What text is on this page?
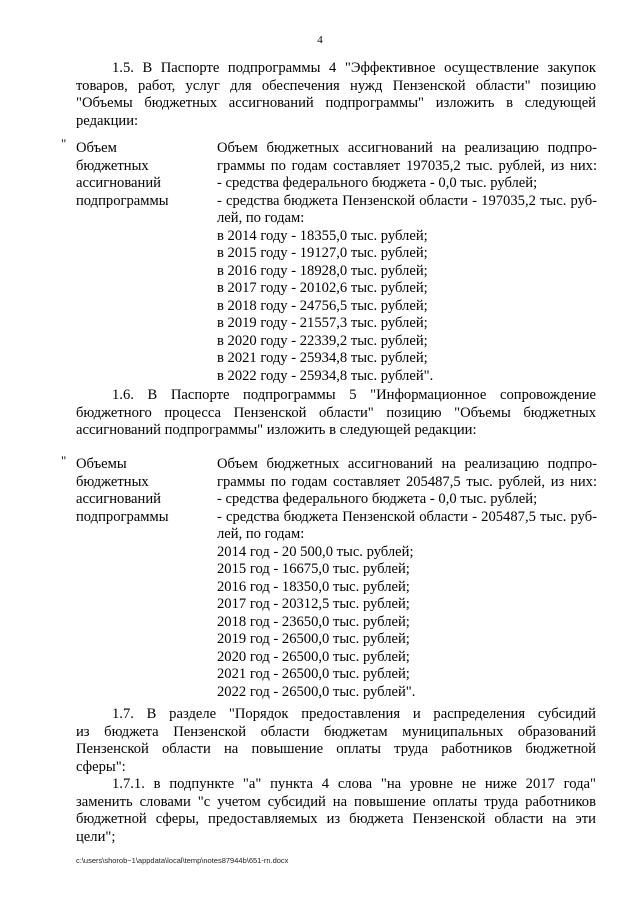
4
1.5. В Паспорте подпрограммы 4 "Эффективное осуществление закупок
товаров, работ, услуг для обеспечения нужд Пензенской области" позицию
"Объемы бюджетных ассигнований подпрограммы" изложить в следующей
редакции:
" Объем
бюджетных
ассигнований
подпрограммы
Объем бюджетных ассигнований на реализацию подпро-
граммы по годам составляет 197035,2 тыс. рублей, из них:
- средства федерального бюджета - 0,0 тыс. рублей;
- средства бюджета Пензенской области - 197035,2 тыс. руб-
лей, по годам:
в 2014 году - 18355,0 тыс. рублей;
в 2015 году - 19127,0 тыс. рублей;
в 2016 году - 18928,0 тыс. рублей;
в 2017 году - 20102,6 тыс. рублей;
в 2018 году - 24756,5 тыс. рублей;
в 2019 году - 21557,3 тыс. рублей;
в 2020 году - 22339,2 тыс. рублей;
в 2021 году - 25934,8 тыс. рублей;
в 2022 году - 25934,8 тыс. рублей".
1.6. В Паспорте подпрограммы 5 "Информационное сопровождение
бюджетного процесса Пензенской области" позицию "Объемы бюджетных
ассигнований подпрограммы" изложить в следующей редакции:
" Объемы
бюджетных
ассигнований
подпрограммы
Объем бюджетных ассигнований на реализацию подпро-
граммы по годам составляет 205487,5 тыс. рублей, из них:
- средства федерального бюджета - 0,0 тыс. рублей;
- средства бюджета Пензенской области - 205487,5 тыс. руб-
лей, по годам:
2014 год - 20 500,0 тыс. рублей;
2015 год - 16675,0 тыс. рублей;
2016 год - 18350,0 тыс. рублей;
2017 год - 20312,5 тыс. рублей;
2018 год - 23650,0 тыс. рублей;
2019 год - 26500,0 тыс. рублей;
2020 год - 26500,0 тыс. рублей;
2021 год - 26500,0 тыс. рублей;
2022 год - 26500,0 тыс. рублей".
1.7. В разделе "Порядок предоставления и распределения субсидий
из бюджета Пензенской области бюджетам муниципальных образований
Пензенской области на повышение оплаты труда работников бюджетной
сферы":
1.7.1. в подпункте "а" пункта 4 слова "на уровне не ниже 2017 года"
заменить словами "с учетом субсидий на повышение оплаты труда работников
бюджетной сферы, предоставляемых из бюджета Пензенской области на эти
цели";
c:\users\shorob~1\appdata\local\temp\notes87944b\651-rn.docx
